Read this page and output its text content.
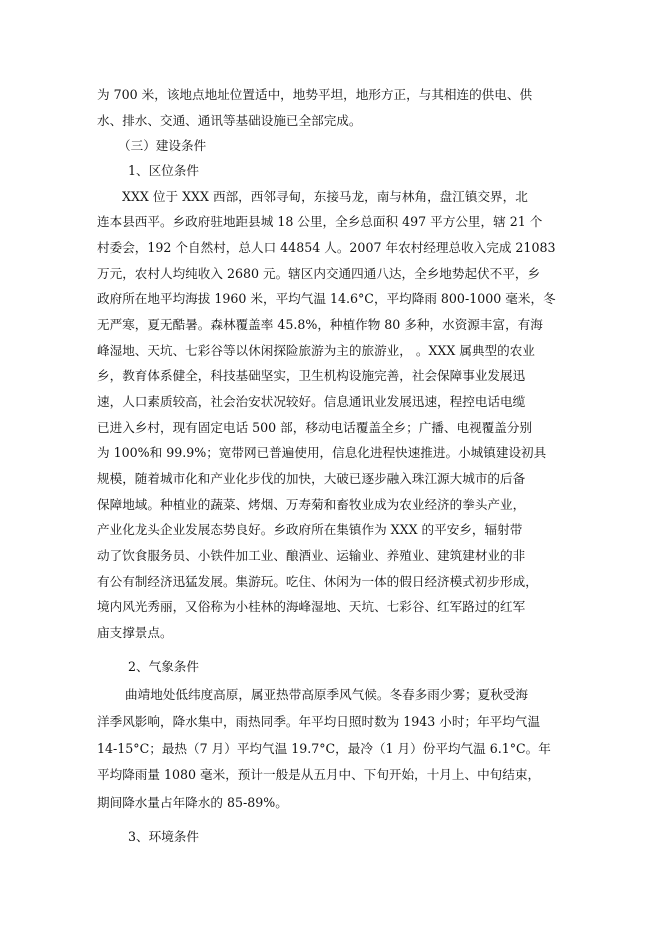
为 700 米，该地点地址位置适中，地势平坦，地形方正，与其相连的供电、供
水、排水、交通、通讯等基础设施已全部完成。
（三）建设条件
1、区位条件
XXX 位于 XXX 西部，西邻寻甸，东接马龙，南与林角，盘江镇交界，北
连本县西平。乡政府驻地距县城 18 公里，全乡总面积 497 平方公里，辖 21 个
村委会，192 个自然村，总人口 44854 人。2007 年农村经理总收入完成 21083
万元，农村人均纯收入 2680 元。辖区内交通四通八达，全乡地势起伏不平，乡
政府所在地平均海拔 1960 米，平均气温 14.6°C，平均降雨 800-1000 毫米，冬
无严寒，夏无酷暑。森林覆盖率 45.8%，种植作物 80 多种，水资源丰富，有海
峰湿地、天坑、七彩谷等以休闲探险旅游为主的旅游业， 。XXX 属典型的农业
乡，教育体系健全，科技基础坚实，卫生机构设施完善，社会保障事业发展迅
速，人口素质较高，社会治安状况较好。信息通讯业发展迅速，程控电话电缆
已进入乡村，现有固定电话 500 部，移动电话覆盖全乡；广播、电视覆盖分别
为 100%和 99.9%；宽带网已普遍使用，信息化进程快速推进。小城镇建设初具
规模，随着城市化和产业化步伐的加快，大破已逐步融入珠江源大城市的后备
保障地域。种植业的蔬菜、烤烟、万寿菊和畜牧业成为农业经济的拳头产业，
产业化龙头企业发展态势良好。乡政府所在集镇作为 XXX 的平安乡，辐射带
动了饮食服务员、小铁件加工业、酿酒业、运输业、养殖业、建筑建材业的非
有公有制经济迅猛发展。集游玩。吃住、休闲为一体的假日经济模式初步形成，
境内风光秀丽，又俗称为小桂林的海峰湿地、天坑、七彩谷、红军路过的红军
庙支撑景点。
2、气象条件
曲靖地处低纬度高原，属亚热带高原季风气候。冬春多雨少雾；夏秋受海
洋季风影响，降水集中，雨热同季。年平均日照时数为 1943 小时；年平均气温
14-15°C；最热（7 月）平均气温 19.7°C，最冷（1 月）份平均气温 6.1°C。年
平均降雨量 1080 毫米，预计一般是从五月中、下旬开始，十月上、中旬结束，
期间降水量占年降水的 85-89%。
3、环境条件
